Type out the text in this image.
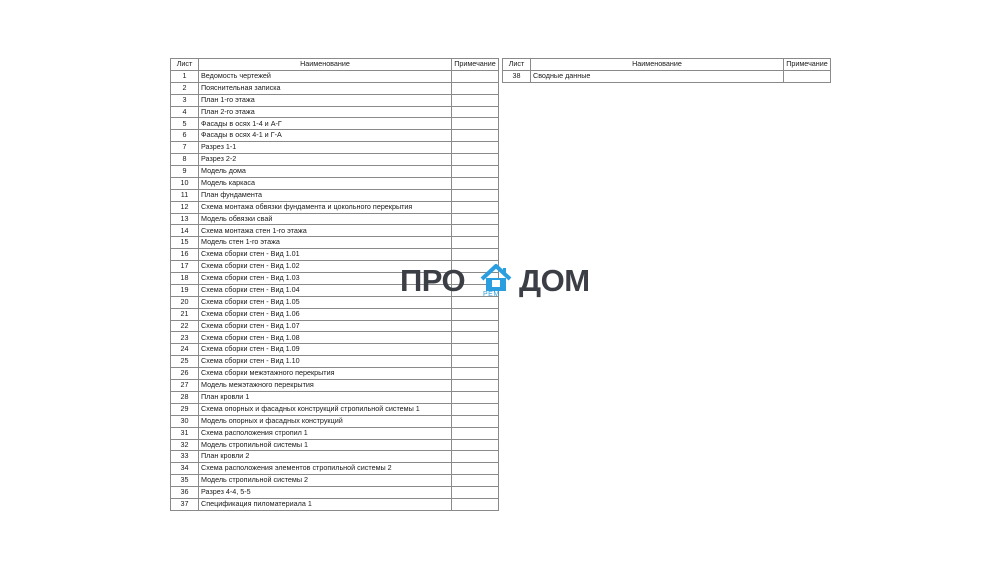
Лист	Наименование	Примечание
1	Ведомость чертежей	
2	Пояснительная записка	
3	План 1-го этажа	
4	План 2-го этажа	
5	Фасады в осях 1-4 и А-Г	
6	Фасады в осях 4-1 и Г-А	
7	Разрез 1-1	
8	Разрез 2-2	
9	Модель дома	
10	Модель каркаса	
11	План фундамента	
12	Схема монтажа обвязки фундамента и цокольного перекрытия	
13	Модель обвязки свай	
14	Схема монтажа стен 1-го этажа	
15	Модель стен 1-го этажа	
16	Схема сборки стен - Вид 1.01	
17	Схема сборки стен - Вид 1.02	
18	Схема сборки стен - Вид 1.03	
19	Схема сборки стен - Вид 1.04	
20	Схема сборки стен - Вид 1.05	
21	Схема сборки стен - Вид 1.06	
22	Схема сборки стен - Вид 1.07	
23	Схема сборки стен - Вид 1.08	
24	Схема сборки стен - Вид 1.09	
25	Схема сборки стен - Вид 1.10	
26	Схема сборки межэтажного перекрытия	
27	Модель межэтажного перекрытия	
28	План кровли 1	
29	Схема опорных и фасадных конструкций стропильной системы 1	
30	Модель опорных и фасадных конструкций	
31	Схема расположения стропил 1	
32	Модель стропильной системы 1	
33	План кровли 2	
34	Схема расположения элементов стропильной системы 2	
35	Модель стропильной системы 2	
36	Разрез 4-4, 5-5	
37	Спецификация пиломатериала 1	
Лист	Наименование	Примечание
38	Сводные данные	
ПРО	РЕМ ДОМ
